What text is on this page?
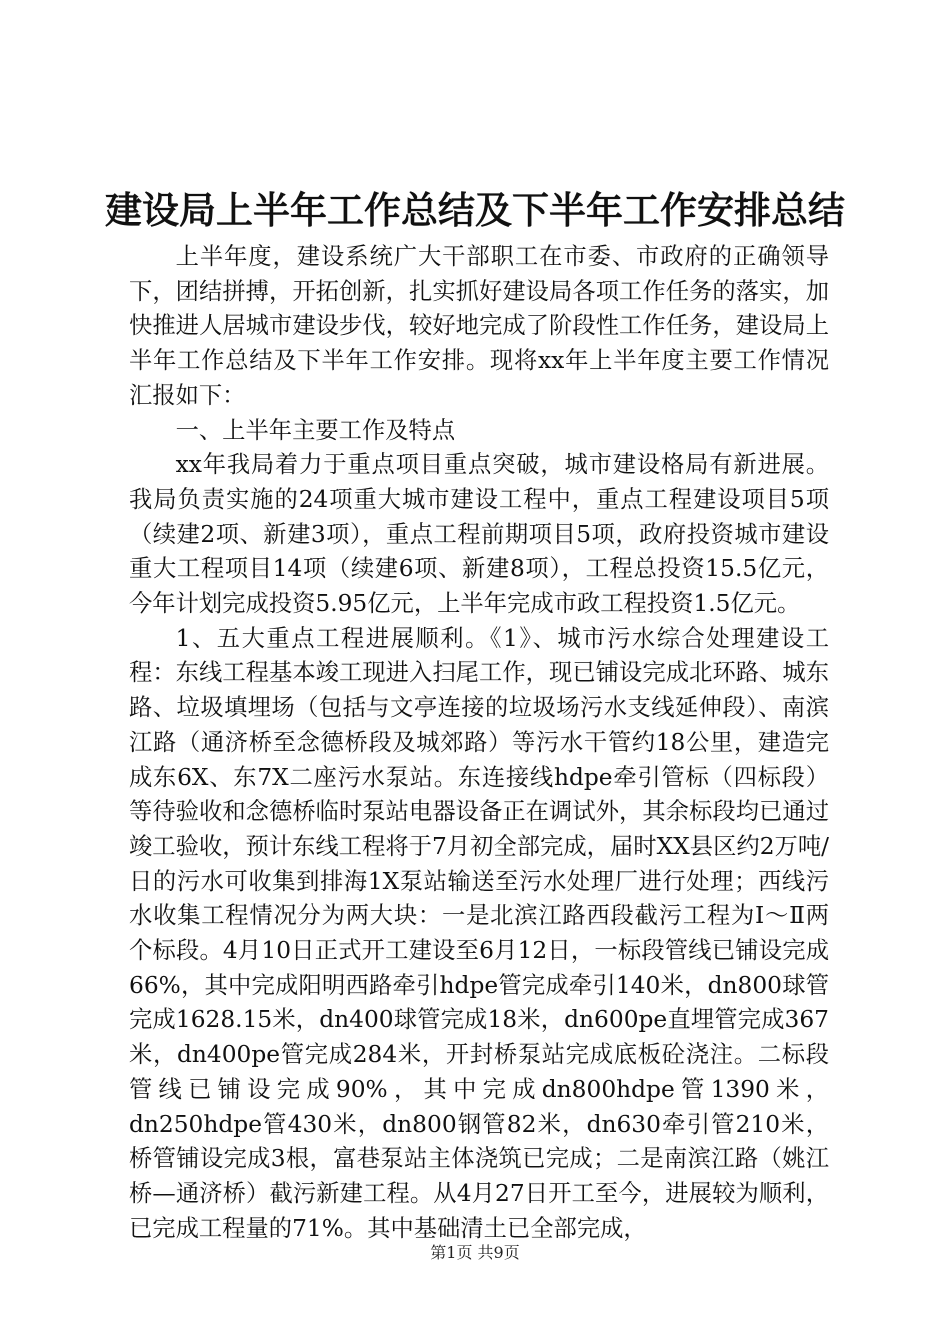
建设局上半年工作总结及下半年工作安排总结

上半年度，建设系统广大干部职工在市委、市政府的正确领导下，团结拼搏，开拓创新，扎实抓好建设局各项工作任务的落实，加快推进人居城市建设步伐，较好地完成了阶段性工作任务，建设局上半年工作总结及下半年工作安排。现将xx年上半年度主要工作情况汇报如下：

一、上半年主要工作及特点

xx年我局着力于重点项目重点突破，城市建设格局有新进展。我局负责实施的24项重大城市建设工程中，重点工程建设项目5项（续建2项、新建3项），重点工程前期项目5项，政府投资城市建设重大工程项目14项（续建6项、新建8项），工程总投资15.5亿元，今年计划完成投资5.95亿元，上半年完成市政工程投资1.5亿元。

1、五大重点工程进展顺利。《1》、城市污水综合处理建设工程：东线工程基本竣工现进入扫尾工作，现已铺设完成北环路、城东路、垃圾填埋场（包括与文亭连接的垃圾场污水支线延伸段）、南滨江路（通济桥至念德桥段及城郊路）等污水干管约18公里，建造完成东6X、东7X二座污水泵站。东连接线hdpe牵引管标（四标段）等待验收和念德桥临时泵站电器设备正在调试外，其余标段均已通过竣工验收，预计东线工程将于7月初全部完成，届时XX县区约2万吨/日的污水可收集到排海1X泵站输送至污水处理厂进行处理；西线污水收集工程情况分为两大块：一是北滨江路西段截污工程为Ⅰ～Ⅱ两个标段。4月10日正式开工建设至6月12日，一标段管线已铺设完成66%，其中完成阳明西路牵引hdpe管完成牵引140米，dn800球管完成1628.15米，dn400球管完成18米，dn600pe直埋管完成367米，dn400pe管完成284米，开封桥泵站完成底板砼浇注。二标段管线已铺设完成90%，其中完成dn800hdpe管1390米，dn250hdpe管430米，dn800钢管82米，dn630牵引管210米，桥管铺设完成3根，富巷泵站主体浇筑已完成；二是南滨江路（姚江桥—通济桥）截污新建工程。从4月27日开工至今，进展较为顺利，已完成工程量的71%。其中基础清土已全部完成，

第1页 共9页
